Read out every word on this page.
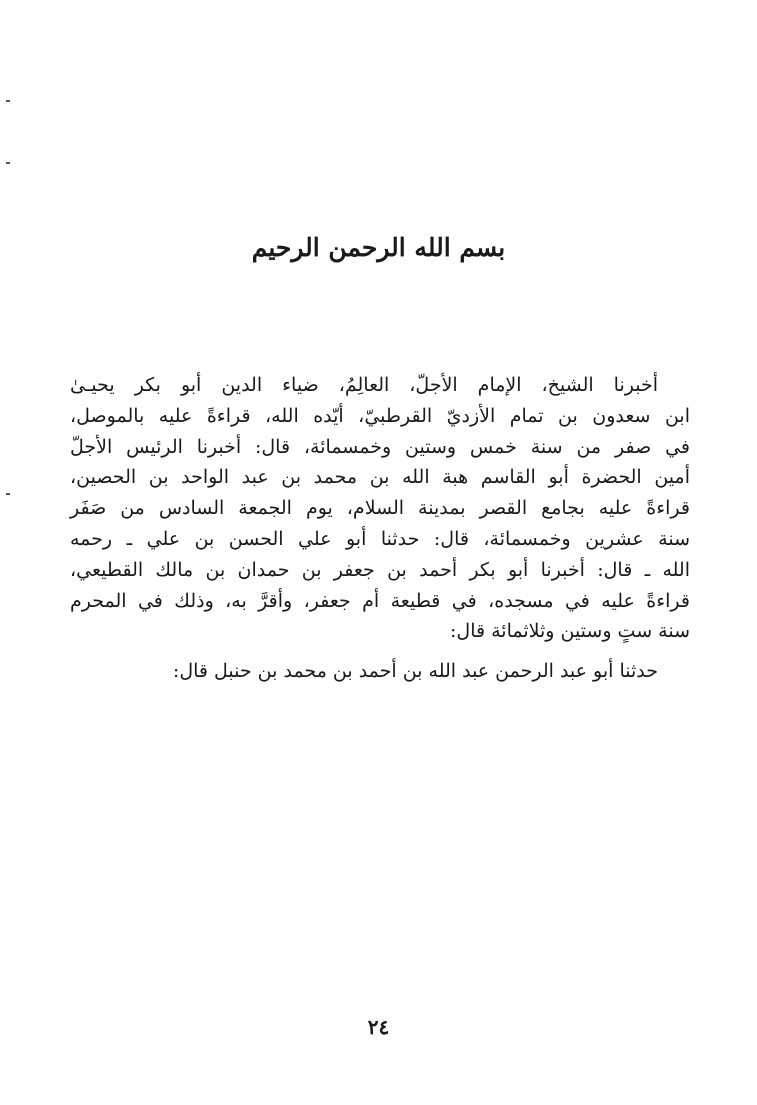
بسم الله الرحمن الرحيم
أخبرنا الشيخ، الإمام الأجلّ، العالِمُ، ضياء الدين أبو بكر يحيـىٰ
ابن سعدون بن تمام الأزديّ القرطبيّ، أيّده الله، قراءةً عليه بالموصل،
في صفر من سنة خمس وستين وخمسمائة، قال: أخبرنا الرئيس الأجلّ
أمين الحضرة أبو القاسم هبة الله بن محمد بن عبد الواحد بن الحصين،
قراءةً عليه بجامع القصر بمدينة السلام، يوم الجمعة السادس من صَفَر
سنة عشرين وخمسمائة، قال: حدثنا أبو علي الحسن بن علي ـ رحمه
الله ـ قال: أخبرنا أبو بكر أحمد بن جعفر بن حمدان بن مالك القطيعي،
قراءةً عليه في مسجده، في قطيعة أم جعفر، وأقرَّ به، وذلك في المحرم
سنة ستٍ وستين وثلاثمائة قال:
حدثنا أبو عبد الرحمن عبد الله بن أحمد بن محمد بن حنبل قال:
٢٤
